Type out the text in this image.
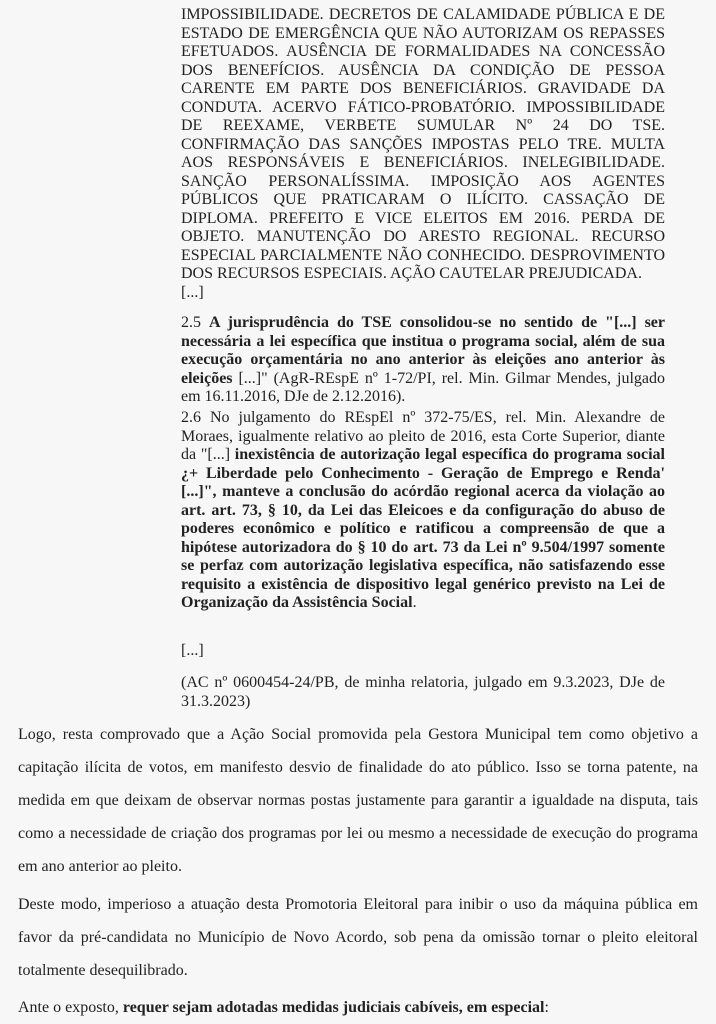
IMPOSSIBILIDADE. DECRETOS DE CALAMIDADE PÚBLICA E DE ESTADO DE EMERGÊNCIA QUE NÃO AUTORIZAM OS REPASSES EFETUADOS. AUSÊNCIA DE FORMALIDADES NA CONCESSÃO DOS BENEFÍCIOS. AUSÊNCIA DA CONDIÇÃO DE PESSOA CARENTE EM PARTE DOS BENEFICIÁRIOS. GRAVIDADE DA CONDUTA. ACERVO FÁTICO-PROBATÓRIO. IMPOSSIBILIDADE DE REEXAME, VERBETE SUMULAR Nº 24 DO TSE. CONFIRMAÇÃO DAS SANÇÕES IMPOSTAS PELO TRE. MULTA AOS RESPONSÁVEIS E BENEFICIÁRIOS. INELEGIBILIDADE. SANÇÃO PERSONALÍSSIMA. IMPOSIÇÃO AOS AGENTES PÚBLICOS QUE PRATICARAM O ILÍCITO. CASSAÇÃO DE DIPLOMA. PREFEITO E VICE ELEITOS EM 2016. PERDA DE OBJETO. MANUTENÇÃO DO ARESTO REGIONAL. RECURSO ESPECIAL PARCIALMENTE NÃO CONHECIDO. DESPROVIMENTO DOS RECURSOS ESPECIAIS. AÇÃO CAUTELAR PREJUDICADA.
[...]
2.5 A jurisprudência do TSE consolidou-se no sentido de "[...] ser necessária a lei específica que institua o programa social, além de sua execução orçamentária no ano anterior às eleições ano anterior às eleições [...]" (AgR-REspE nº 1-72/PI, rel. Min. Gilmar Mendes, julgado em 16.11.2016, DJe de 2.12.2016).
2.6 No julgamento do REspEl nº 372-75/ES, rel. Min. Alexandre de Moraes, igualmente relativo ao pleito de 2016, esta Corte Superior, diante da "[...] inexistência de autorização legal específica do programa social ¿+ Liberdade pelo Conhecimento - Geração de Emprego e Renda' [...]", manteve a conclusão do acórdão regional acerca da violação ao art. art. 73, § 10, da Lei das Eleicoes e da configuração do abuso de poderes econômico e político e ratificou a compreensão de que a hipótese autorizadora do § 10 do art. 73 da Lei nº 9.504/1997 somente se perfaz com autorização legislativa específica, não satisfazendo esse requisito a existência de dispositivo legal genérico previsto na Lei de Organização da Assistência Social.
[...]
(AC nº 0600454-24/PB, de minha relatoria, julgado em 9.3.2023, DJe de 31.3.2023)
Logo, resta comprovado que a Ação Social promovida pela Gestora Municipal tem como objetivo a capitação ilícita de votos, em manifesto desvio de finalidade do ato público. Isso se torna patente, na medida em que deixam de observar normas postas justamente para garantir a igualdade na disputa, tais como a necessidade de criação dos programas por lei ou mesmo a necessidade de execução do programa em ano anterior ao pleito.
Deste modo, imperioso a atuação desta Promotoria Eleitoral para inibir o uso da máquina pública em favor da pré-candidata no Município de Novo Acordo, sob pena da omissão tornar o pleito eleitoral totalmente desequilibrado.
Ante o exposto, requer sejam adotadas medidas judiciais cabíveis, em especial:
